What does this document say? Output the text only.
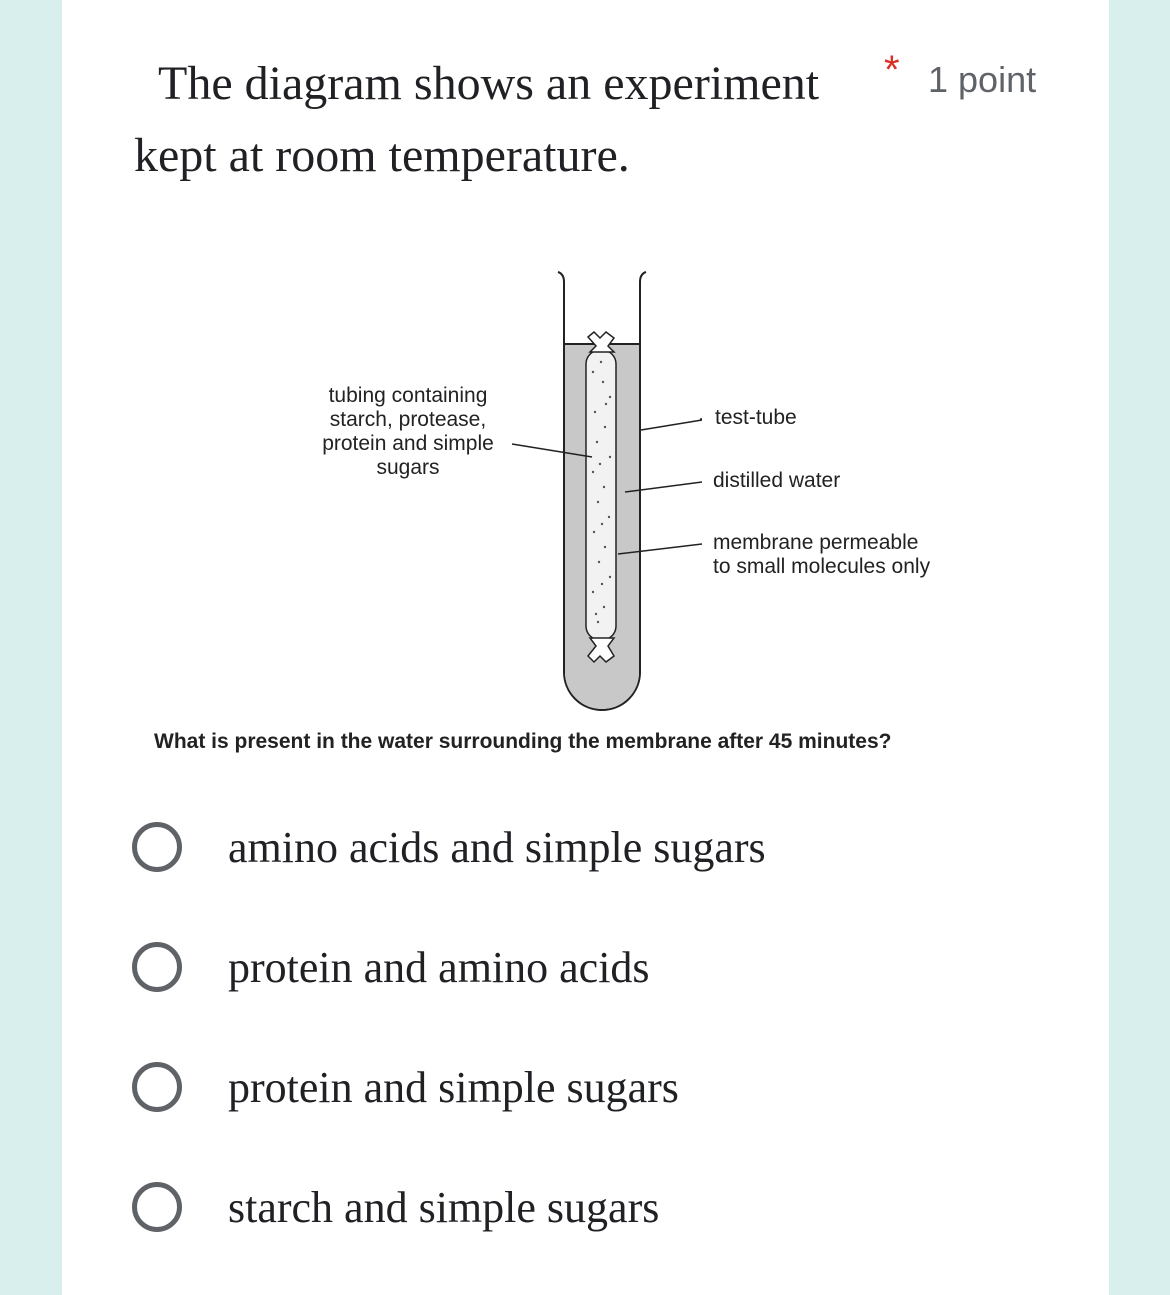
The diagram shows an experiment kept at room temperature.
* 1 point
tubing containing
starch, protease,
protein and simple
sugars
test-tube
distilled water
membrane permeable
to small molecules only
What is present in the water surrounding the membrane after 45 minutes?
amino acids and simple sugars
protein and amino acids
protein and simple sugars
starch and simple sugars
